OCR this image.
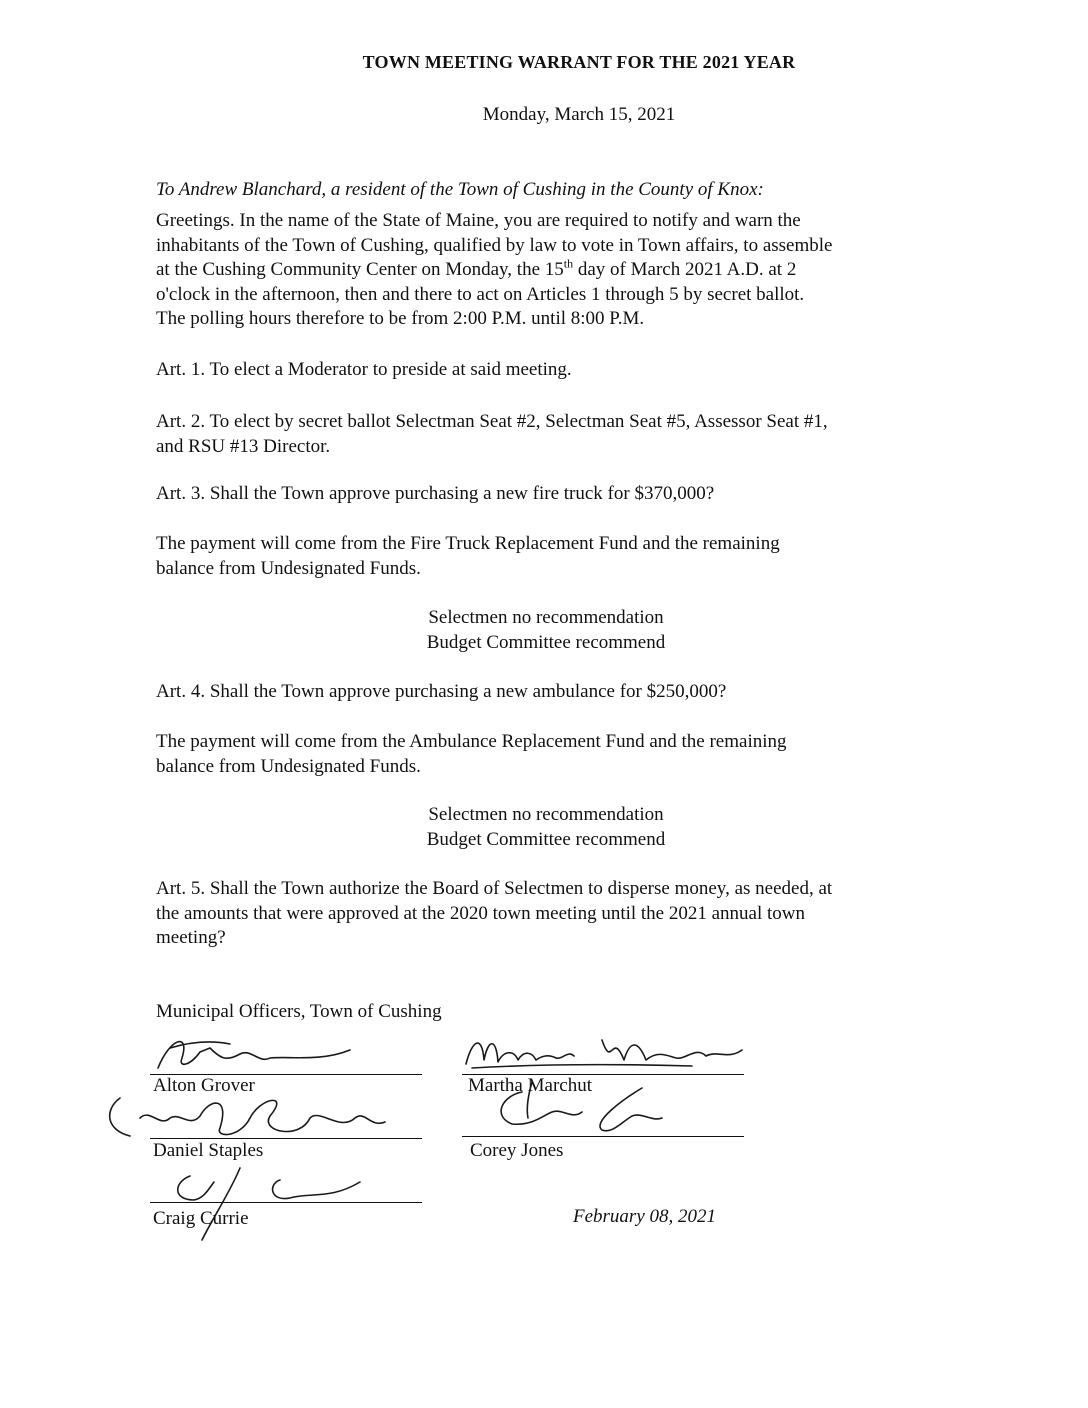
TOWN MEETING WARRANT FOR THE 2021 YEAR
Monday, March 15, 2021
To Andrew Blanchard, a resident of the Town of Cushing in the County of Knox:
Greetings. In the name of the State of Maine, you are required to notify and warn the
inhabitants of the Town of Cushing, qualified by law to vote in Town affairs, to assemble
at the Cushing Community Center on Monday, the 15th day of March 2021 A.D. at 2
o'clock in the afternoon, then and there to act on Articles 1 through 5 by secret ballot.
The polling hours therefore to be from 2:00 P.M. until 8:00 P.M.
Art. 1. To elect a Moderator to preside at said meeting.
Art. 2. To elect by secret ballot Selectman Seat #2, Selectman Seat #5, Assessor Seat #1,
and RSU #13 Director.
Art. 3. Shall the Town approve purchasing a new fire truck for $370,000?
The payment will come from the Fire Truck Replacement Fund and the remaining
balance from Undesignated Funds.
Selectmen no recommendation
Budget Committee recommend
Art. 4. Shall the Town approve purchasing a new ambulance for $250,000?
The payment will come from the Ambulance Replacement Fund and the remaining
balance from Undesignated Funds.
Selectmen no recommendation
Budget Committee recommend
Art. 5. Shall the Town authorize the Board of Selectmen to disperse money, as needed, at
the amounts that were approved at the 2020 town meeting until the 2021 annual town
meeting?
Municipal Officers, Town of Cushing
Alton Grover
Daniel Staples
Craig Currie
Martha Marchut
Corey Jones
February 08, 2021
